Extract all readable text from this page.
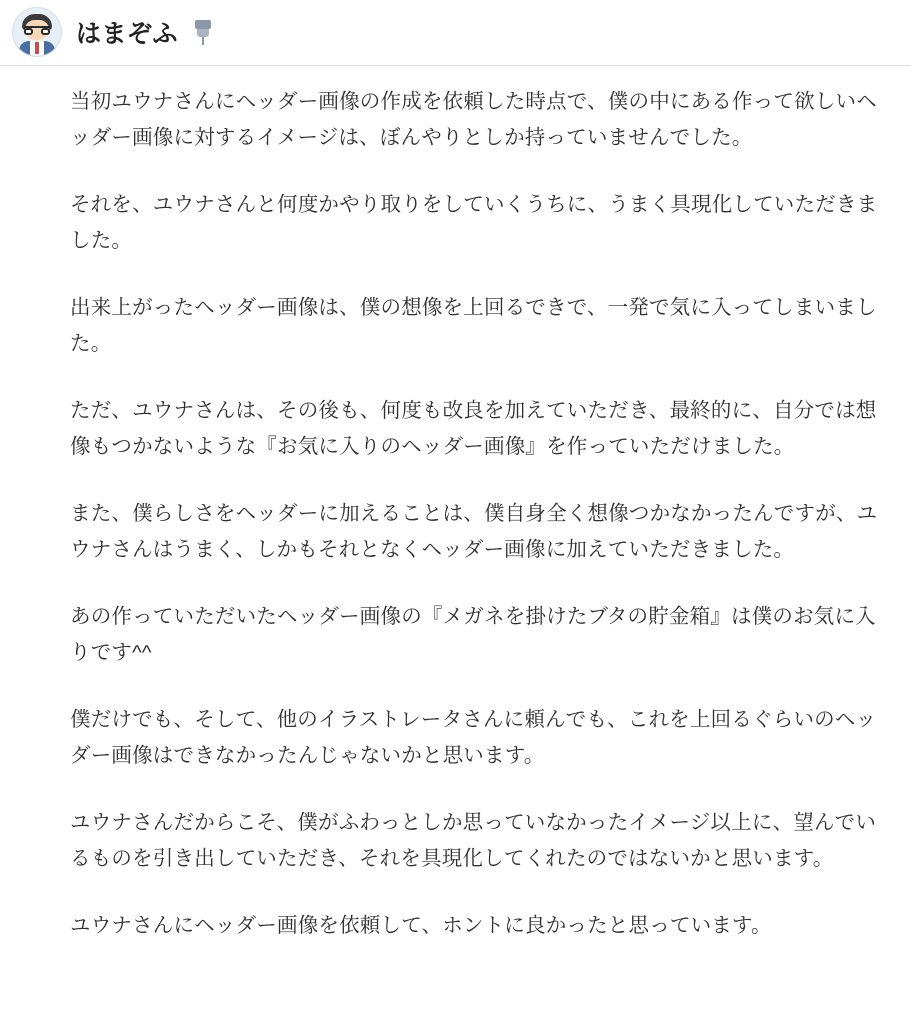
はまぞふ

当初ユウナさんにヘッダー画像の作成を依頼した時点で、僕の中にある作って欲しいヘッダー画像に対するイメージは、ぼんやりとしか持っていませんでした。

それを、ユウナさんと何度かやり取りをしていくうちに、うまく具現化していただきました。

出来上がったヘッダー画像は、僕の想像を上回るできで、一発で気に入ってしまいました。

ただ、ユウナさんは、その後も、何度も改良を加えていただき、最終的に、自分では想像もつかないような『お気に入りのヘッダー画像』を作っていただけました。

また、僕らしさをヘッダーに加えることは、僕自身全く想像つかなかったんですが、ユウナさんはうまく、しかもそれとなくヘッダー画像に加えていただきました。

あの作っていただいたヘッダー画像の『メガネを掛けたブタの貯金箱』は僕のお気に入りです^^

僕だけでも、そして、他のイラストレータさんに頼んでも、これを上回るぐらいのヘッダー画像はできなかったんじゃないかと思います。

ユウナさんだからこそ、僕がふわっとしか思っていなかったイメージ以上に、望んでいるものを引き出していただき、それを具現化してくれたのではないかと思います。

ユウナさんにヘッダー画像を依頼して、ホントに良かったと思っています。
